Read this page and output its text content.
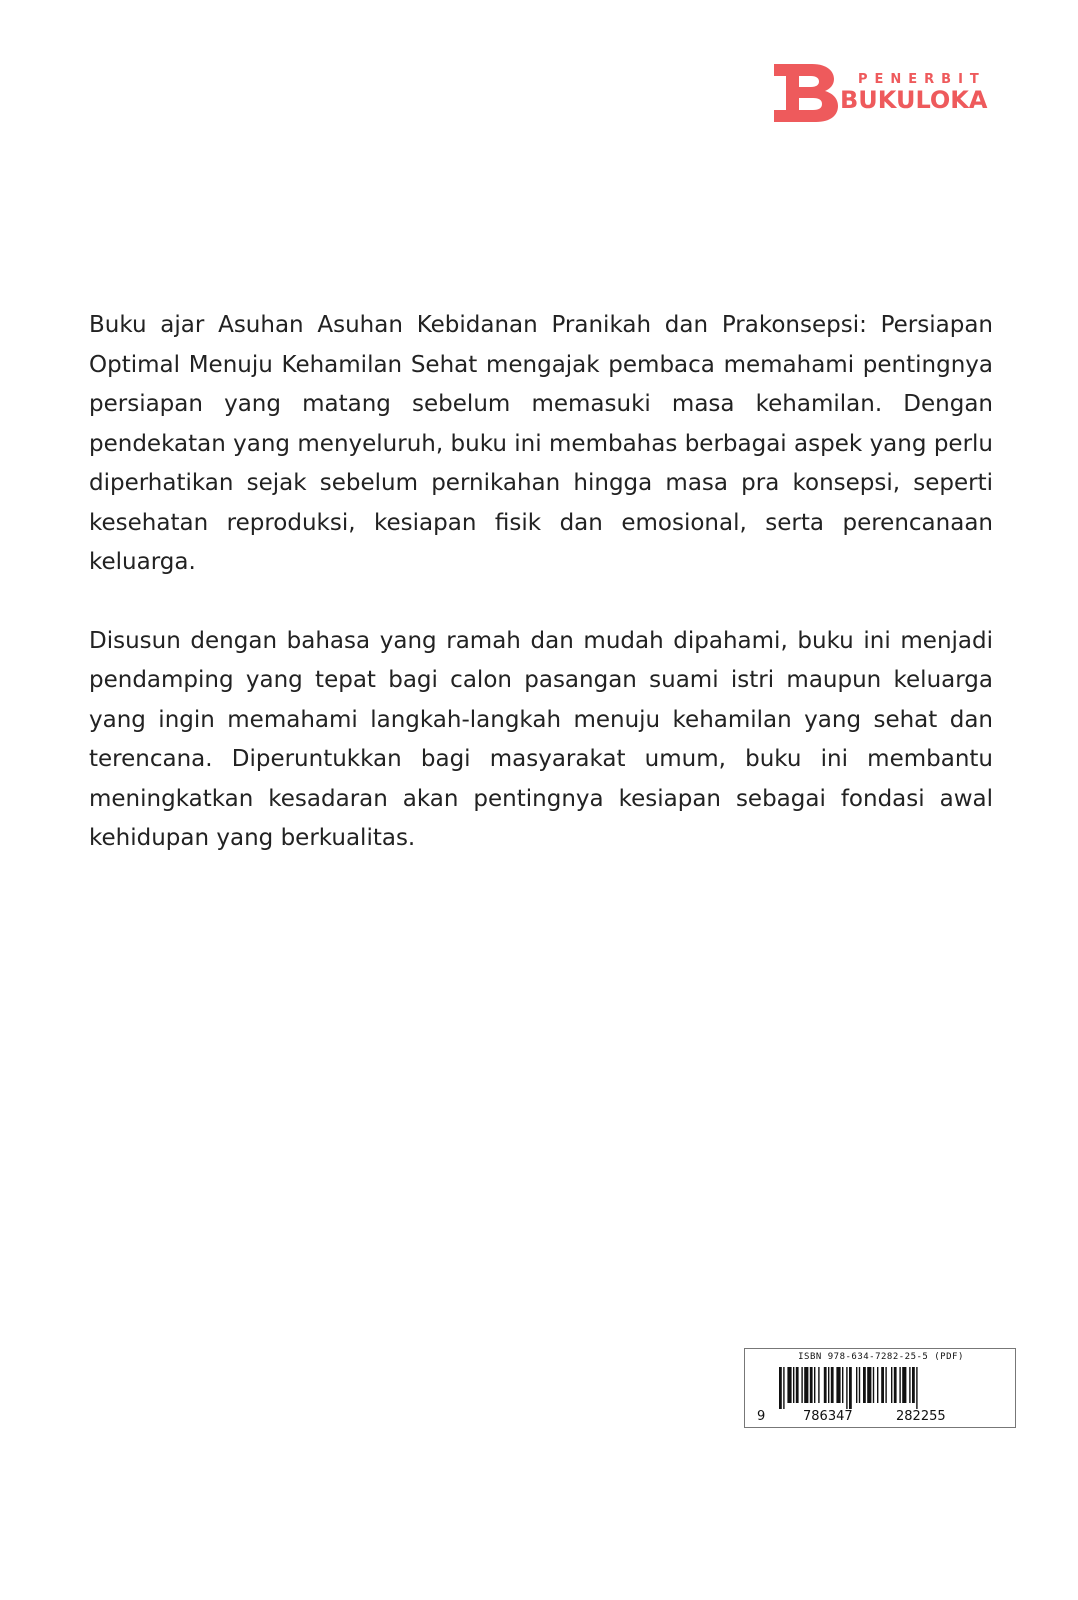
PENERBIT
BUKULOKA

Buku ajar Asuhan Asuhan Kebidanan Pranikah dan Prakonsepsi: Persiapan Optimal Menuju Kehamilan Sehat mengajak pembaca memahami pentingnya persiapan yang matang sebelum memasuki masa kehamilan. Dengan pendekatan yang menyeluruh, buku ini membahas berbagai aspek yang perlu diperhatikan sejak sebelum pernikahan hingga masa pra konsepsi, seperti kesehatan reproduksi, kesiapan fisik dan emosional, serta perencanaan keluarga.

Disusun dengan bahasa yang ramah dan mudah dipahami, buku ini menjadi pendamping yang tepat bagi calon pasangan suami istri maupun keluarga yang ingin memahami langkah-langkah menuju kehamilan yang sehat dan terencana. Diperuntukkan bagi masyarakat umum, buku ini membantu meningkatkan kesadaran akan pentingnya kesiapan sebagai fondasi awal kehidupan yang berkualitas.

ISBN 978-634-7282-25-5 (PDF)
9	786347	282255
